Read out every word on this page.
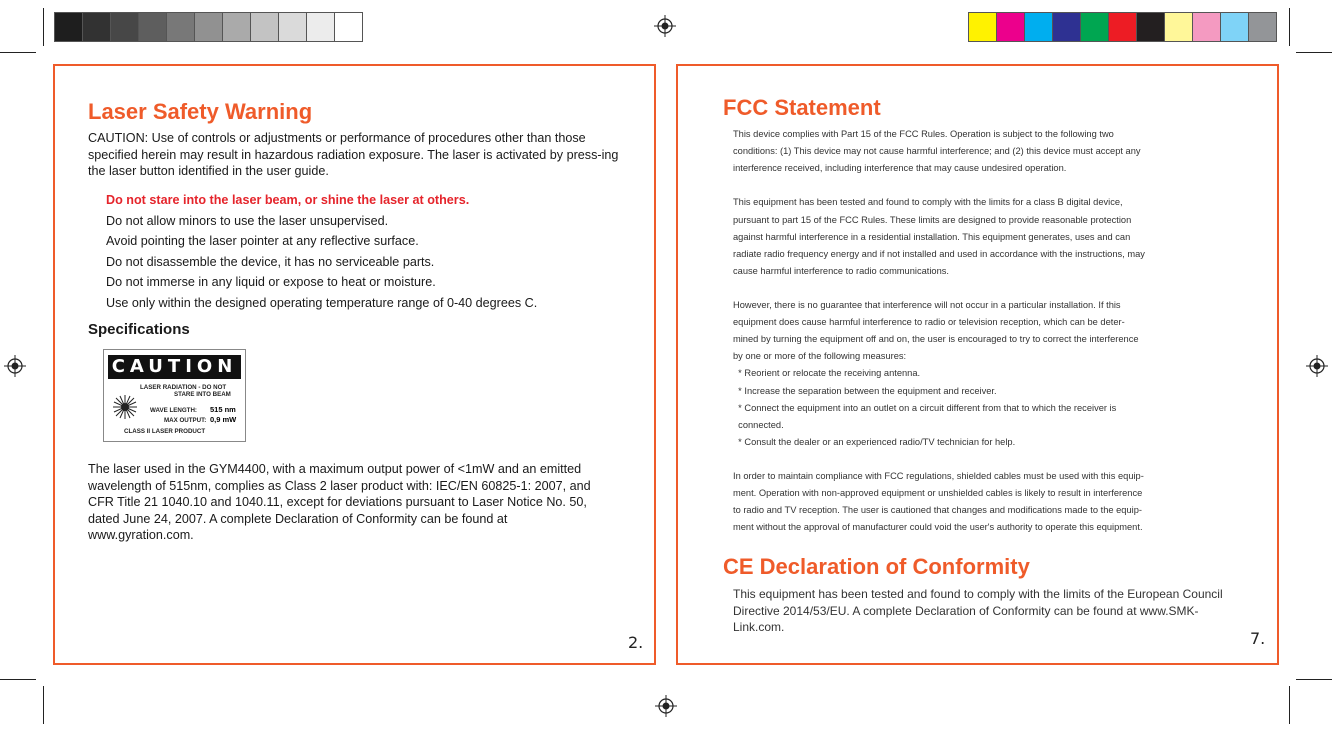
Laser Safety Warning

CAUTION: Use of controls or adjustments or performance of procedures other than those specified herein may result in hazardous radiation exposure. The laser is activated by press-ing the laser button identified in the user guide.

Do not stare into the laser beam, or shine the laser at others.
Do not allow minors to use the laser unsupervised.
Avoid pointing the laser pointer at any reflective surface.
Do not disassemble the device, it has no serviceable parts.
Do not immerse in any liquid or expose to heat or moisture.
Use only within the designed operating temperature range of 0-40 degrees C.
Specifications
CAUTION
LASER RADIATION - DO NOT
STARE INTO BEAM
WAVE LENGTH: 515 nm
MAX OUTPUT: 0,9 mW
CLASS II LASER PRODUCT

The laser used in the GYM4400, with a maximum output power of <1mW and an emitted wavelength of 515nm, complies as Class 2 laser product with: IEC/EN 60825-1: 2007, and CFR Title 21 1040.10 and 1040.11, except for deviations pursuant to Laser Notice No. 50, dated June 24, 2007. A complete Declaration of Conformity can be found at www.gyration.com.

2.
FCC Statement

This device complies with Part 15 of the FCC Rules. Operation is subject to the following two

conditions: (1) This device may not cause harmful interference; and (2) this device must accept any

interference received, including interference that may cause undesired operation.

This equipment has been tested and found to comply with the limits for a class B digital device,

pursuant to part 15 of the FCC Rules. These limits are designed to provide reasonable protection

against harmful interference in a residential installation. This equipment generates, uses and can

radiate radio frequency energy and if not installed and used in accordance with the instructions, may

cause harmful interference to radio communications.

However, there is no guarantee that interference will not occur in a particular installation. If this

equipment does cause harmful interference to radio or television reception, which can be deter-

mined by turning the equipment off and on, the user is encouraged to try to correct the interference

by one or more of the following measures:

* Reorient or relocate the receiving antenna.

* Increase the separation between the equipment and receiver.

* Connect the equipment into an outlet on a circuit different from that to which the receiver is

connected.

* Consult the dealer or an experienced radio/TV technician for help.

In order to maintain compliance with FCC regulations, shielded cables must be used with this equip-

ment. Operation with non-approved equipment or unshielded cables is likely to result in interference

to radio and TV reception. The user is cautioned that changes and modifications made to the equip-

ment without the approval of manufacturer could void the user's authority to operate this equipment.

CE Declaration of Conformity

This equipment has been tested and found to comply with the limits of the European Council Directive 2014/53/EU. A complete Declaration of Conformity can be found at www.SMK-Link.com.

7.
